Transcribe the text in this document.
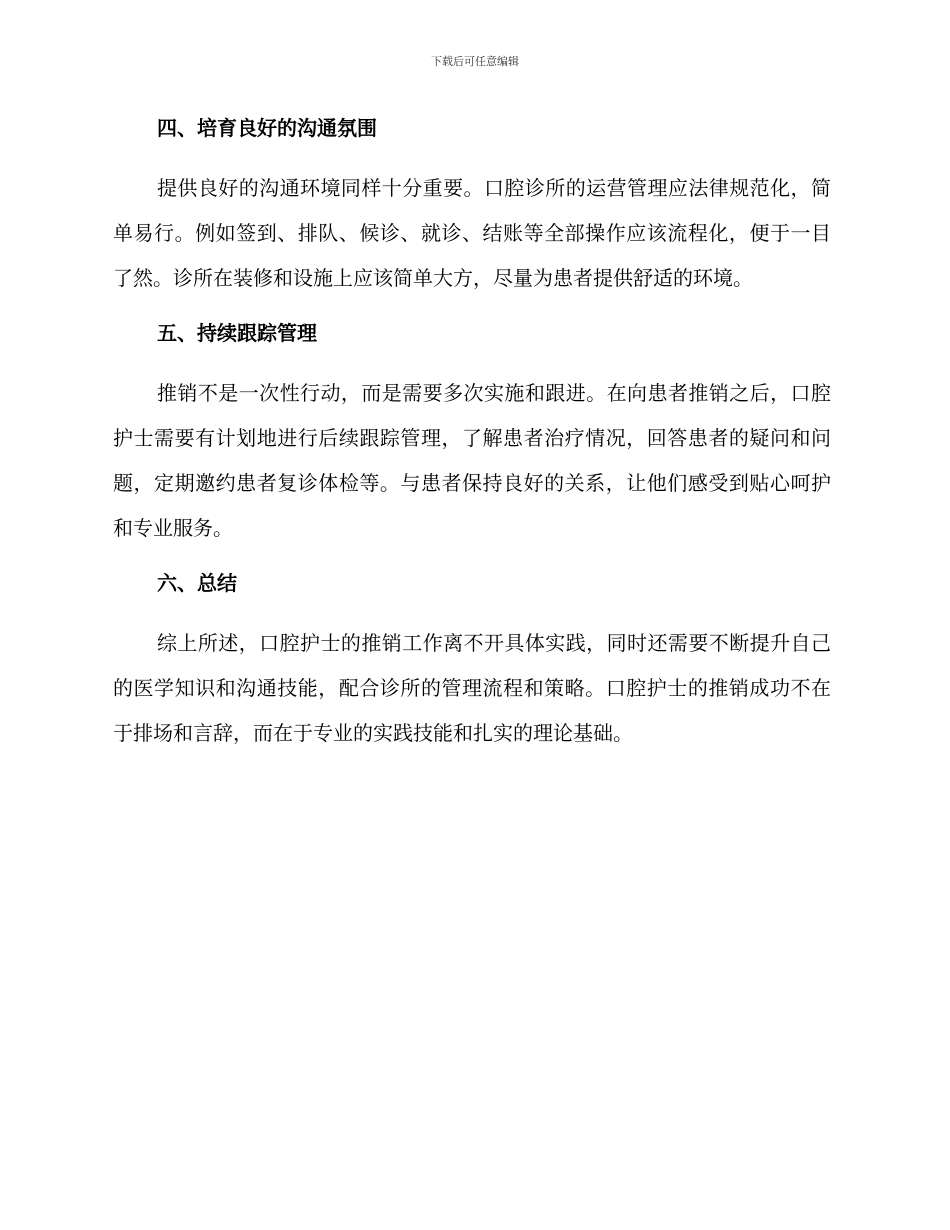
下载后可任意编辑
四、培育良好的沟通氛围

提供良好的沟通环境同样十分重要。口腔诊所的运营管理应法律规范化，简单易行。例如签到、排队、候诊、就诊、结账等全部操作应该流程化，便于一目了然。诊所在装修和设施上应该简单大方，尽量为患者提供舒适的环境。

五、持续跟踪管理

推销不是一次性行动，而是需要多次实施和跟进。在向患者推销之后，口腔护士需要有计划地进行后续跟踪管理，了解患者治疗情况，回答患者的疑问和问题，定期邀约患者复诊体检等。与患者保持良好的关系，让他们感受到贴心呵护和专业服务。

六、总结

综上所述，口腔护士的推销工作离不开具体实践，同时还需要不断提升自己的医学知识和沟通技能，配合诊所的管理流程和策略。口腔护士的推销成功不在于排场和言辞，而在于专业的实践技能和扎实的理论基础。
